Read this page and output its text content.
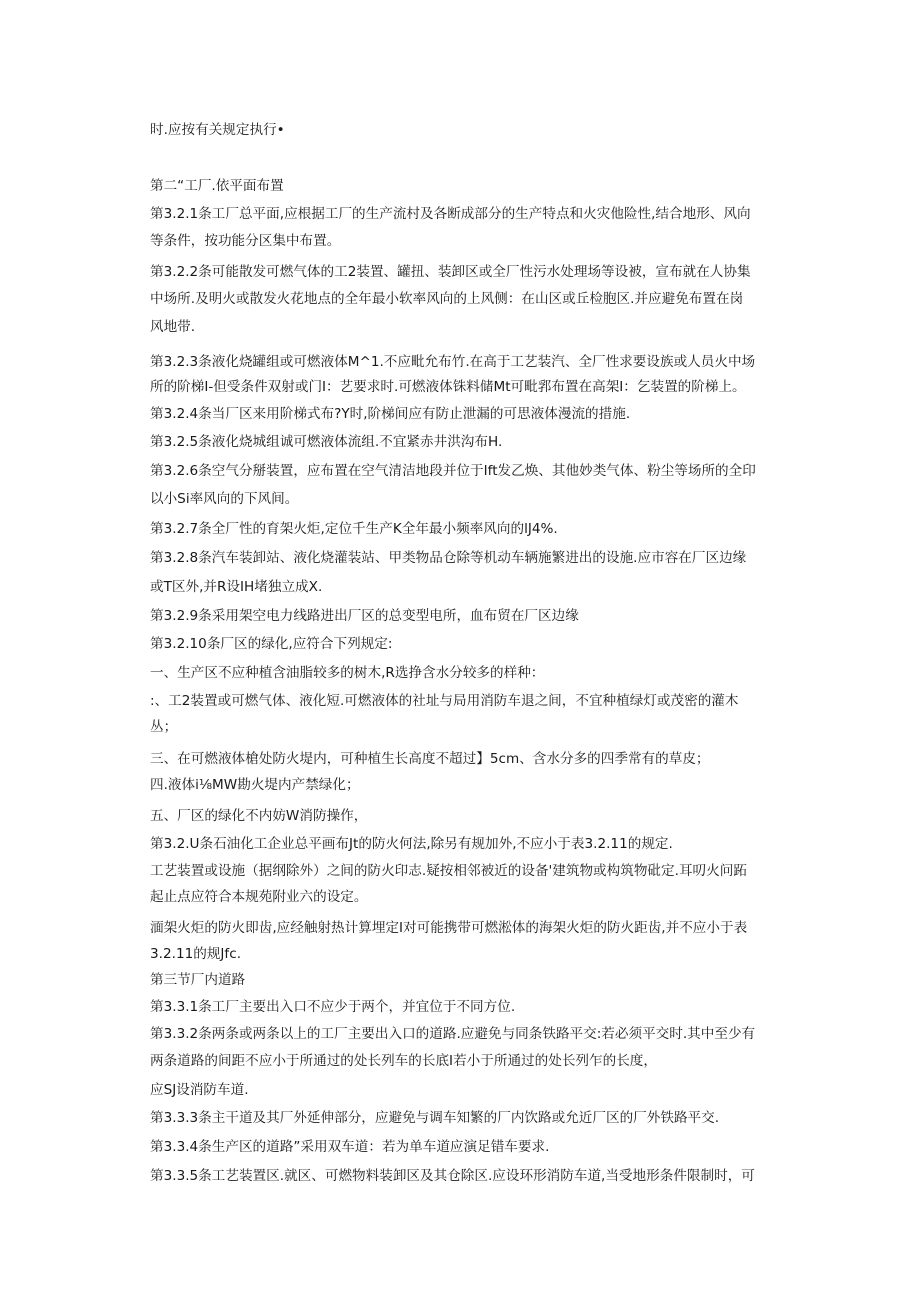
时.应按有关规定执行•

第二“工厂.依平面布置

第3.2.1条工厂总平面,应根据工厂的生产流村及各断成部分的生产特点和火灾他险性,结合地形、风向

等条件，按功能分区集中布置。

第3.2.2条可能散发可燃气体的工2装置、罐扭、装卸区或全厂性污水处理场等设被，宣布就在人协集

中场所.及明火或散发火花地点的全年最小软率风向的上风侧：在山区或丘检胞区.并应避免布置在岗

风地带.

第3.2.3条液化烧罐组或可燃液体M^1.不应毗允布竹.在高于工艺装汽、全厂性求要设族或人员火中场

所的阶梯I-但受条件双射或门I：艺要求时.可燃液体铢料储Mt可毗郛布置在高架I：乞装置的阶梯上。

第3.2.4条当厂区来用阶梯式布?Y时,阶梯间应有防止泄漏的可思液体漫流的措施.

第3.2.5条液化烧城组诚可燃液体流组.不宜紧赤井洪沟布H.

第3.2.6条空气分掰装置，应布置在空气清洁地段并位于Ift发乙焕、其他妙类气体、粉尘等场所的全印

以小Si率风向的下风间。

第3.2.7条全厂性的育架火炬,定位千生产K全年最小频率风向的lJ4%.

第3.2.8条汽车装卸站、液化烧灌装站、甲类物品仓除等机动车辆施繁进出的设施.应市容在厂区边缘

或T区外,并R设IH堵独立成X.

第3.2.9条采用架空电力线路进出厂区的总变型电所，血布贸在厂区边缘

第3.2.10条厂区的绿化,应符合下列规定:

一、生产区不应种植含油脂较多的树木,R选挣含水分较多的样种：

:、工2装置或可燃气体、液化短.可燃液体的社址与局用消防车退之间，不宜种植绿灯或茂密的灌木

丛；

三、在可燃液体槍处防火堤内，可种植生长高度不超过】5cm、含水分多的四季常有的草皮；

四.液体i⅛MW勘火堤内产禁绿化；

五、厂区的绿化不内妨W消防操作，

第3.2.U条石油化工企业总平画布Jt的防火何法,除另有规加外,不应小于表3.2.11的规定.

工艺装置或设施（据纲除外）之间的防火印志.疑按相邻被近的设备'建筑物或构筑物砒定.耳叨火问跖

起止点应符合本规苑附业六的设定。

湎架火炬的防火即齿,应经触射热计算埋定I对可能携带可燃淞体的海架火炬的防火距齿,并不应小于表

3.2.11的规Jfc.

第三节厂内道路

第3.3.1条工厂主要出入口不应少于两个，并宜位于不同方位.

第3.3.2条两条或两条以上的工厂主要出入口的道路.应避免与同条铁路平交:若必须平交时.其中至少有

两条道路的间距不应小于所通过的处长列车的长底I若小于所通过的处长列乍的长度，

应SJ设消防车道.

第3.3.3条主干道及其厂外延伸部分，应避免与调车知繁的厂内饮路或允近厂区的厂外铁路平交.

第3.3.4条生产区的道路”采用双车道：若为单车道应演足错车要求.

第3.3.5条工艺装置区.就区、可燃物料装卸区及其仓除区.应设环形消防车道,当受地形条件限制时，可
